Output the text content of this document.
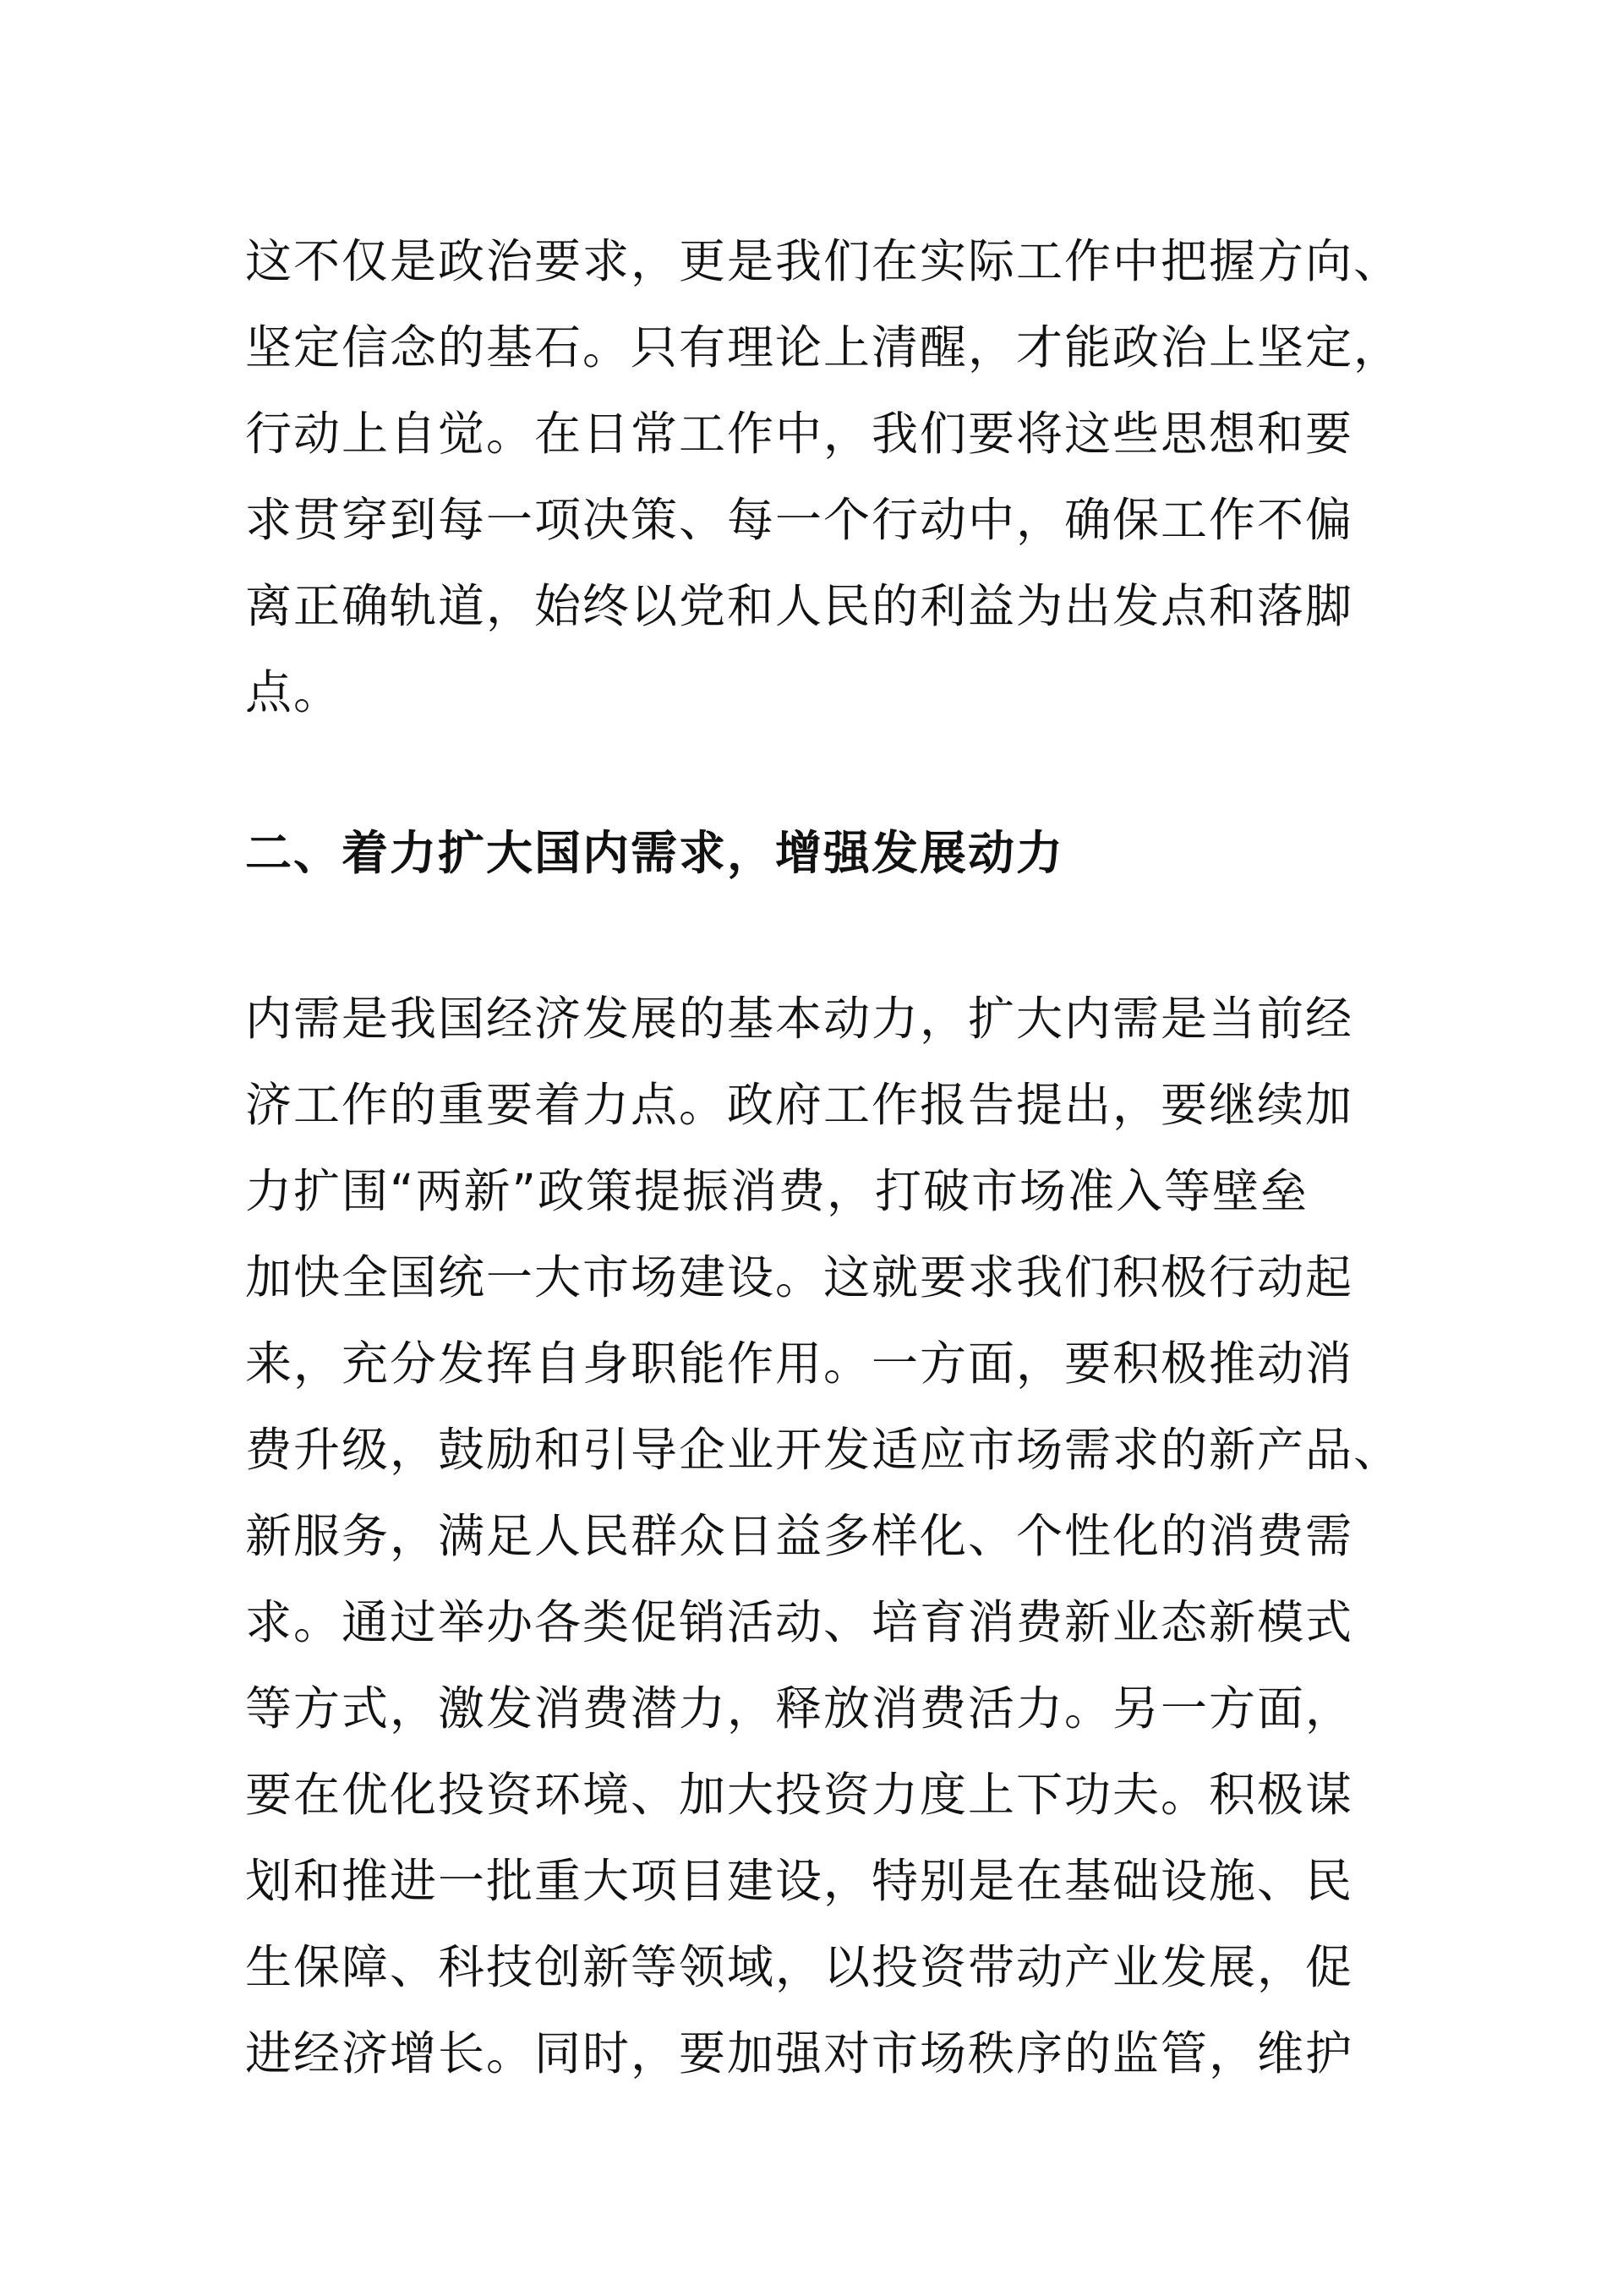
这不仅是政治要求，更是我们在实际工作中把握方向、
坚定信念的基石。只有理论上清醒，才能政治上坚定，
行动上自觉。在日常工作中，我们要将这些思想和要
求贯穿到每一项决策、每一个行动中，确保工作不偏
离正确轨道，始终以党和人民的利益为出发点和落脚
点。

二、着力扩大国内需求，增强发展动力

内需是我国经济发展的基本动力，扩大内需是当前经
济工作的重要着力点。政府工作报告提出，要继续加
力扩围“两新”政策提振消费，打破市场准入等壁垒
加快全国统一大市场建设。这就要求我们积极行动起
来，充分发挥自身职能作用。一方面，要积极推动消
费升级，鼓励和引导企业开发适应市场需求的新产品、
新服务，满足人民群众日益多样化、个性化的消费需
求。通过举办各类促销活动、培育消费新业态新模式
等方式，激发消费潜力，释放消费活力。另一方面，
要在优化投资环境、加大投资力度上下功夫。积极谋
划和推进一批重大项目建设，特别是在基础设施、民
生保障、科技创新等领域，以投资带动产业发展，促
进经济增长。同时，要加强对市场秩序的监管，维护
